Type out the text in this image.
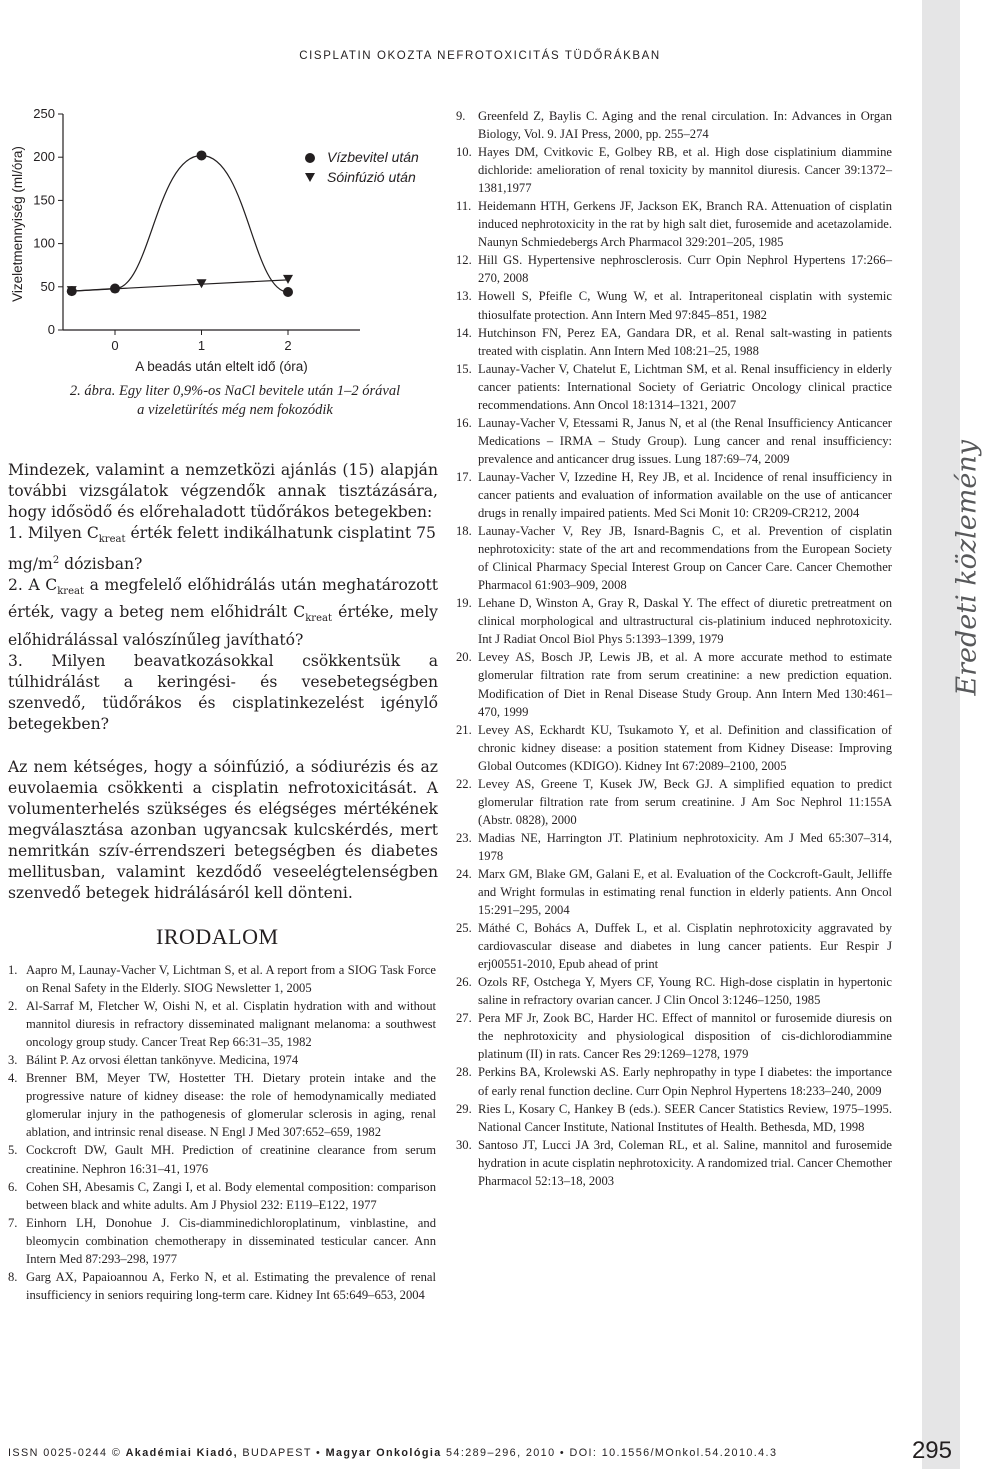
CISPLATIN OKOZTA NEFROTOXICITÁS TÜDŐRÁKBAN
Eredeti közlemény
0
50
100
150
200
250
0	1	2
A beadás után eltelt idő (óra)
Vizeletmennyiség (ml/óra)	Vízbevitel után
Sóinfúzió után
2. ábra. Egy liter 0,9%-os NaCl bevitele után 1–2 órával
a vizeletürítés még nem fokozódik

Mindezek, valamint a nemzetközi ajánlás (15) alapján további vizsgálatok végzendők annak tisztázására, hogy idősödő és előrehaladott tüdőrákos betegekben:

1. Milyen $C_{kreat}$ érték felett indikálhatunk cisplatint 75 $mg/m^2$ dózisban?

2. A $C_{kreat}$ a megfelelő előhidrálás után meghatározott érték, vagy a beteg nem előhidrált $C_{kreat}$ értéke, mely előhidrálással valószínűleg javítható?

3. Milyen beavatkozásokkal csökkentsük a túlhidrálást a keringési- és vesebetegségben szenvedő, tüdőrákos és cisplatinkezelést igénylő betegekben?

Az nem kétséges, hogy a sóinfúzió, a sódiurézis és az euvolaemia csökkenti a cisplatin nefrotoxicitását. A volumenterhelés szükséges és elégséges mértékének megválasztása azonban ugyancsak kulcskérdés, mert nemritkán szív-érrendszeri betegségben és diabetes mellitusban, valamint kezdődő veseelégtelenségben szenvedő betegek hidrálásáról kell dönteni.

IRODALOM
1. Aapro M, Launay-Vacher V, Lichtman S, et al. A report from a SIOG Task Force on Renal Safety in the Elderly. SIOG Newsletter 1, 2005
2. Al-Sarraf M, Fletcher W, Oishi N, et al. Cisplatin hydration with and without mannitol diuresis in refractory disseminated malignant melanoma: a southwest oncology group study. Cancer Treat Rep 66:31–35, 1982
3. Bálint P. Az orvosi élettan tankönyve. Medicina, 1974
4. Brenner BM, Meyer TW, Hostetter TH. Dietary protein intake and the progressive nature of kidney disease: the role of hemodynamically mediated glomerular injury in the pathogenesis of glomerular sclerosis in aging, renal ablation, and intrinsic renal disease. N Engl J Med 307:652–659, 1982
5. Cockcroft DW, Gault MH. Prediction of creatinine clearance from serum creatinine. Nephron 16:31–41, 1976
6. Cohen SH, Abesamis C, Zangi I, et al. Body elemental composition: comparison between black and white adults. Am J Physiol 232: E119–E122, 1977
7. Einhorn LH, Donohue J. Cis-diamminedichloroplatinum, vinblastine, and bleomycin combination chemotherapy in disseminated testicular cancer. Ann Intern Med 87:293–298, 1977
8. Garg AX, Papaioannou A, Ferko N, et al. Estimating the prevalence of renal insufficiency in seniors requiring long-term care. Kidney Int 65:649–653, 2004
9. Greenfeld Z, Baylis C. Aging and the renal circulation. In: Advances in Organ Biology, Vol. 9. JAI Press, 2000, pp. 255–274
10. Hayes DM, Cvitkovic E, Golbey RB, et al. High dose cisplatinium diammine dichloride: amelioration of renal toxicity by mannitol diuresis. Cancer 39:1372–1381,1977
11. Heidemann HTH, Gerkens JF, Jackson EK, Branch RA. Attenuation of cisplatin induced nephrotoxicity in the rat by high salt diet, furosemide and acetazolamide. Naunyn Schmiedebergs Arch Pharmacol 329:201–205, 1985
12. Hill GS. Hypertensive nephrosclerosis. Curr Opin Nephrol Hypertens 17:266–270, 2008
13. Howell S, Pfeifle C, Wung W, et al. Intraperitoneal cisplatin with systemic thiosulfate protection. Ann Intern Med 97:845–851, 1982
14. Hutchinson FN, Perez EA, Gandara DR, et al. Renal salt-wasting in patients treated with cisplatin. Ann Intern Med 108:21–25, 1988
15. Launay-Vacher V, Chatelut E, Lichtman SM, et al. Renal insufficiency in elderly cancer patients: International Society of Geriatric Oncology clinical practice recommendations. Ann Oncol 18:1314–1321, 2007
16. Launay-Vacher V, Etessami R, Janus N, et al (the Renal Insufficiency Anticancer Medications – IRMA – Study Group). Lung cancer and renal insufficiency: prevalence and anticancer drug issues. Lung 187:69–74, 2009
17. Launay-Vacher V, Izzedine H, Rey JB, et al. Incidence of renal insufficiency in cancer patients and evaluation of information available on the use of anticancer drugs in renally impaired patients. Med Sci Monit 10: CR209-CR212, 2004
18. Launay-Vacher V, Rey JB, Isnard-Bagnis C, et al. Prevention of cisplatin nephrotoxicity: state of the art and recommendations from the European Society of Clinical Pharmacy Special Interest Group on Cancer Care. Cancer Chemother Pharmacol 61:903–909, 2008
19. Lehane D, Winston A, Gray R, Daskal Y. The effect of diuretic pretreatment on clinical morphological and ultrastructural cis-platinium induced nephrotoxicity. Int J Radiat Oncol Biol Phys 5:1393–1399, 1979
20. Levey AS, Bosch JP, Lewis JB, et al. A more accurate method to estimate glomerular filtration rate from serum creatinine: a new prediction equation. Modification of Diet in Renal Disease Study Group. Ann Intern Med 130:461–470, 1999
21. Levey AS, Eckhardt KU, Tsukamoto Y, et al. Definition and classification of chronic kidney disease: a position statement from Kidney Disease: Improving Global Outcomes (KDIGO). Kidney Int 67:2089–2100, 2005
22. Levey AS, Greene T, Kusek JW, Beck GJ. A simplified equation to predict glomerular filtration rate from serum creatinine. J Am Soc Nephrol 11:155A (Abstr. 0828), 2000
23. Madias NE, Harrington JT. Platinium nephrotoxicity. Am J Med 65:307–314, 1978
24. Marx GM, Blake GM, Galani E, et al. Evaluation of the Cockcroft-Gault, Jelliffe and Wright formulas in estimating renal function in elderly patients. Ann Oncol 15:291–295, 2004
25. Máthé C, Bohács A, Duffek L, et al. Cisplatin nephrotoxicity aggravated by cardiovascular disease and diabetes in lung cancer patients. Eur Respir J erj00551-2010, Epub ahead of print
26. Ozols RF, Ostchega Y, Myers CF, Young RC. High-dose cisplatin in hypertonic saline in refractory ovarian cancer. J Clin Oncol 3:1246–1250, 1985
27. Pera MF Jr, Zook BC, Harder HC. Effect of mannitol or furosemide diuresis on the nephrotoxicity and physiological disposition of cis-dichlorodiammine platinum (II) in rats. Cancer Res 29:1269–1278, 1979
28. Perkins BA, Krolewski AS. Early nephropathy in type I diabetes: the importance of early renal function decline. Curr Opin Nephrol Hypertens 18:233–240, 2009
29. Ries L, Kosary C, Hankey B (eds.). SEER Cancer Statistics Review, 1975–1995. National Cancer Institute, National Institutes of Health. Bethesda, MD, 1998
30. Santoso JT, Lucci JA 3rd, Coleman RL, et al. Saline, mannitol and furosemide hydration in acute cisplatin nephrotoxicity. A randomized trial. Cancer Chemother Pharmacol 52:13–18, 2003
ISSN 0025-0244 © Akadémiai Kiadó, BUDAPEST • Magyar Onkológia 54:289–296, 2010 • DOI: 10.1556/MOnkol.54.2010.4.3	295
